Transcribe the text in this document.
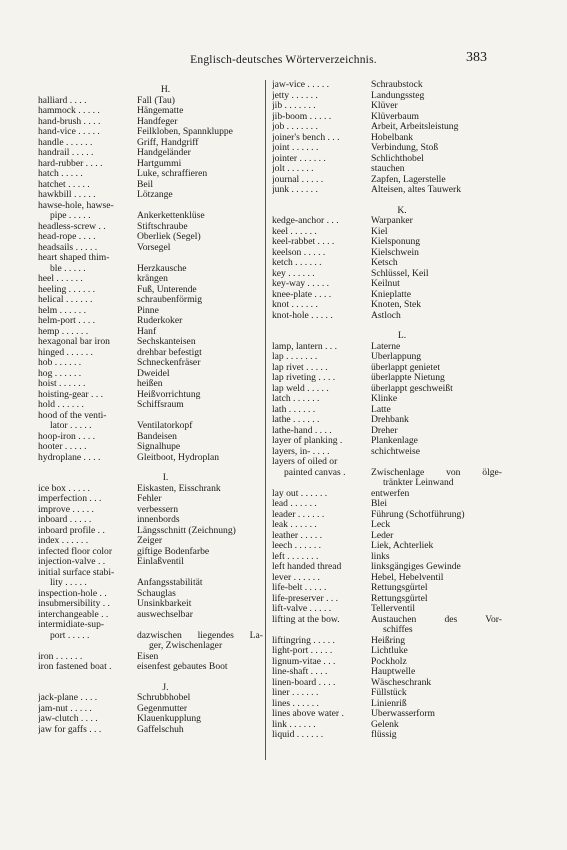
Englisch-deutsches Wörterverzeichnis.	383
H.
halliard . . . .	Fall (Tau)
hammock . . . . .	Hängematte
hand-brush . . . .	Handfeger
hand-vice . . . . .	Feilkloben, Spannkluppe
handle . . . . . .	Griff, Handgriff
handrail . . . . .	Handgeländer
hard-rubber . . . .	Hartgummi
hatch . . . . .	Luke, schraffieren
hatchet . . . . .	Beil
hawkbill . . . . .	Lötzange
hawse-hole, hawse-
pipe . . . . .	Ankerkettenklüse
headless-screw . .	Stiftschraube
head-rope . . . .	Oberliek (Segel)
headsails . . . . .	Vorsegel
heart shaped thim-
ble . . . . .	Herzkausche
heel . . . . . .	krängen
heeling . . . . . .	Fuß, Unterende
helical . . . . . .	schraubenförmig
helm . . . . . .	Pinne
helm-port . . . .	Ruderkoker
hemp . . . . . .	Hanf
hexagonal bar iron	Sechskanteisen
hinged . . . . . .	drehbar befestigt
hob . . . . . .	Schneckenfräser
hog . . . . . .	Dweidel
hoist . . . . . .	heißen
hoisting-gear . . .	Heißvorrichtung
hold . . . . . .	Schiffsraum
hood of the venti-
lator . . . . .	Ventilatorkopf
hoop-iron . . . .	Bandeisen
hooter . . . . .	Signalhupe
hydroplane . . . .	Gleitboot, Hydroplan
I.
ice box . . . . .	Eiskasten, Eisschrank
imperfection . . .	Fehler
improve . . . . .	verbessern
inboard . . . . .	innenbords
inboard profile . .	Längsschnitt (Zeichnung)
index . . . . . .	Zeiger
infected floor color	giftige Bodenfarbe
injection-valve . .	Einlaßventil
initial surface stabi-
lity . . . . .	Anfangsstabilität
inspection-hole . .	Schauglas
insubmersibility . .	Unsinkbarkeit
interchangeable . .	auswechselbar
intermidiate-sup-
port . . . . .	dazwischen liegendes La-
ger, Zwischenlager
iron . . . . . .	Eisen
iron fastened boat .	eisenfest gebautes Boot
J.
jack-plane . . . .	Schrubbhobel
jam-nut . . . . .	Gegenmutter
jaw-clutch . . . .	Klauenkupplung
jaw for gaffs . . .	Gaffelschuh
jaw-vice . . . . .	Schraubstock
jetty . . . . . .	Landungssteg
jib . . . . . . .	Klüver
jib-boom . . . . .	Klüverbaum
job . . . . . . .	Arbeit, Arbeitsleistung
joiner's bench . . .	Hobelbank
joint . . . . . .	Verbindung, Stoß
jointer . . . . . .	Schlichthobel
jolt . . . . . .	stauchen
journal . . . . .	Zapfen, Lagerstelle
junk . . . . . .	Alteisen, altes Tauwerk
K.
kedge-anchor . . .	Warpanker
keel . . . . . .	Kiel
keel-rabbet . . . .	Kielsponung
keelson . . . . .	Kielschwein
ketch . . . . . .	Ketsch
key . . . . . .	Schlüssel, Keil
key-way . . . . .	Keilnut
knee-plate . . . .	Knieplatte
knot . . . . . .	Knoten, Stek
knot-hole . . . . .	Astloch
L.
lamp, lantern . . .	Laterne
lap . . . . . . .	Überlappung
lap rivet . . . . .	überlappt genietet
lap riveting . . . .	überlappte Nietung
lap weld . . . . .	überlappt geschweißt
latch . . . . . .	Klinke
lath . . . . . .	Latte
lathe . . . . . .	Drehbank
lathe-hand . . . .	Dreher
layer of planking .	Plankenlage
layers, in- . . . .	schichtweise
layers of oiled or
painted canvas .	Zwischenlage von ölge-
tränkter Leinwand
lay out . . . . . .	entwerfen
lead . . . . . .	Blei
leader . . . . . .	Führung (Schotführung)
leak . . . . . .	Leck
leather . . . . .	Leder
leech . . . . . .	Liek, Achterliek
left . . . . . . .	links
left handed thread	linksgängiges Gewinde
lever . . . . . .	Hebel, Hebelventil
life-belt . . . . .	Rettungsgürtel
life-preserver . . .	Rettungsgürtel
lift-valve . . . . .	Tellerventil
lifting at the bow.	Austauchen des Vor-
schiffes
liftingring . . . . .	Heißring
light-port . . . . .	Lichtluke
lignum-vitae . . .	Pockholz
line-shaft . . . .	Hauptwelle
linen-board . . . .	Wäscheschrank
liner . . . . . .	Füllstück
lines . . . . . .	Linienriß
lines above water .	Überwasserform
link . . . . . .	Gelenk
liquid . . . . . .	flüssig
